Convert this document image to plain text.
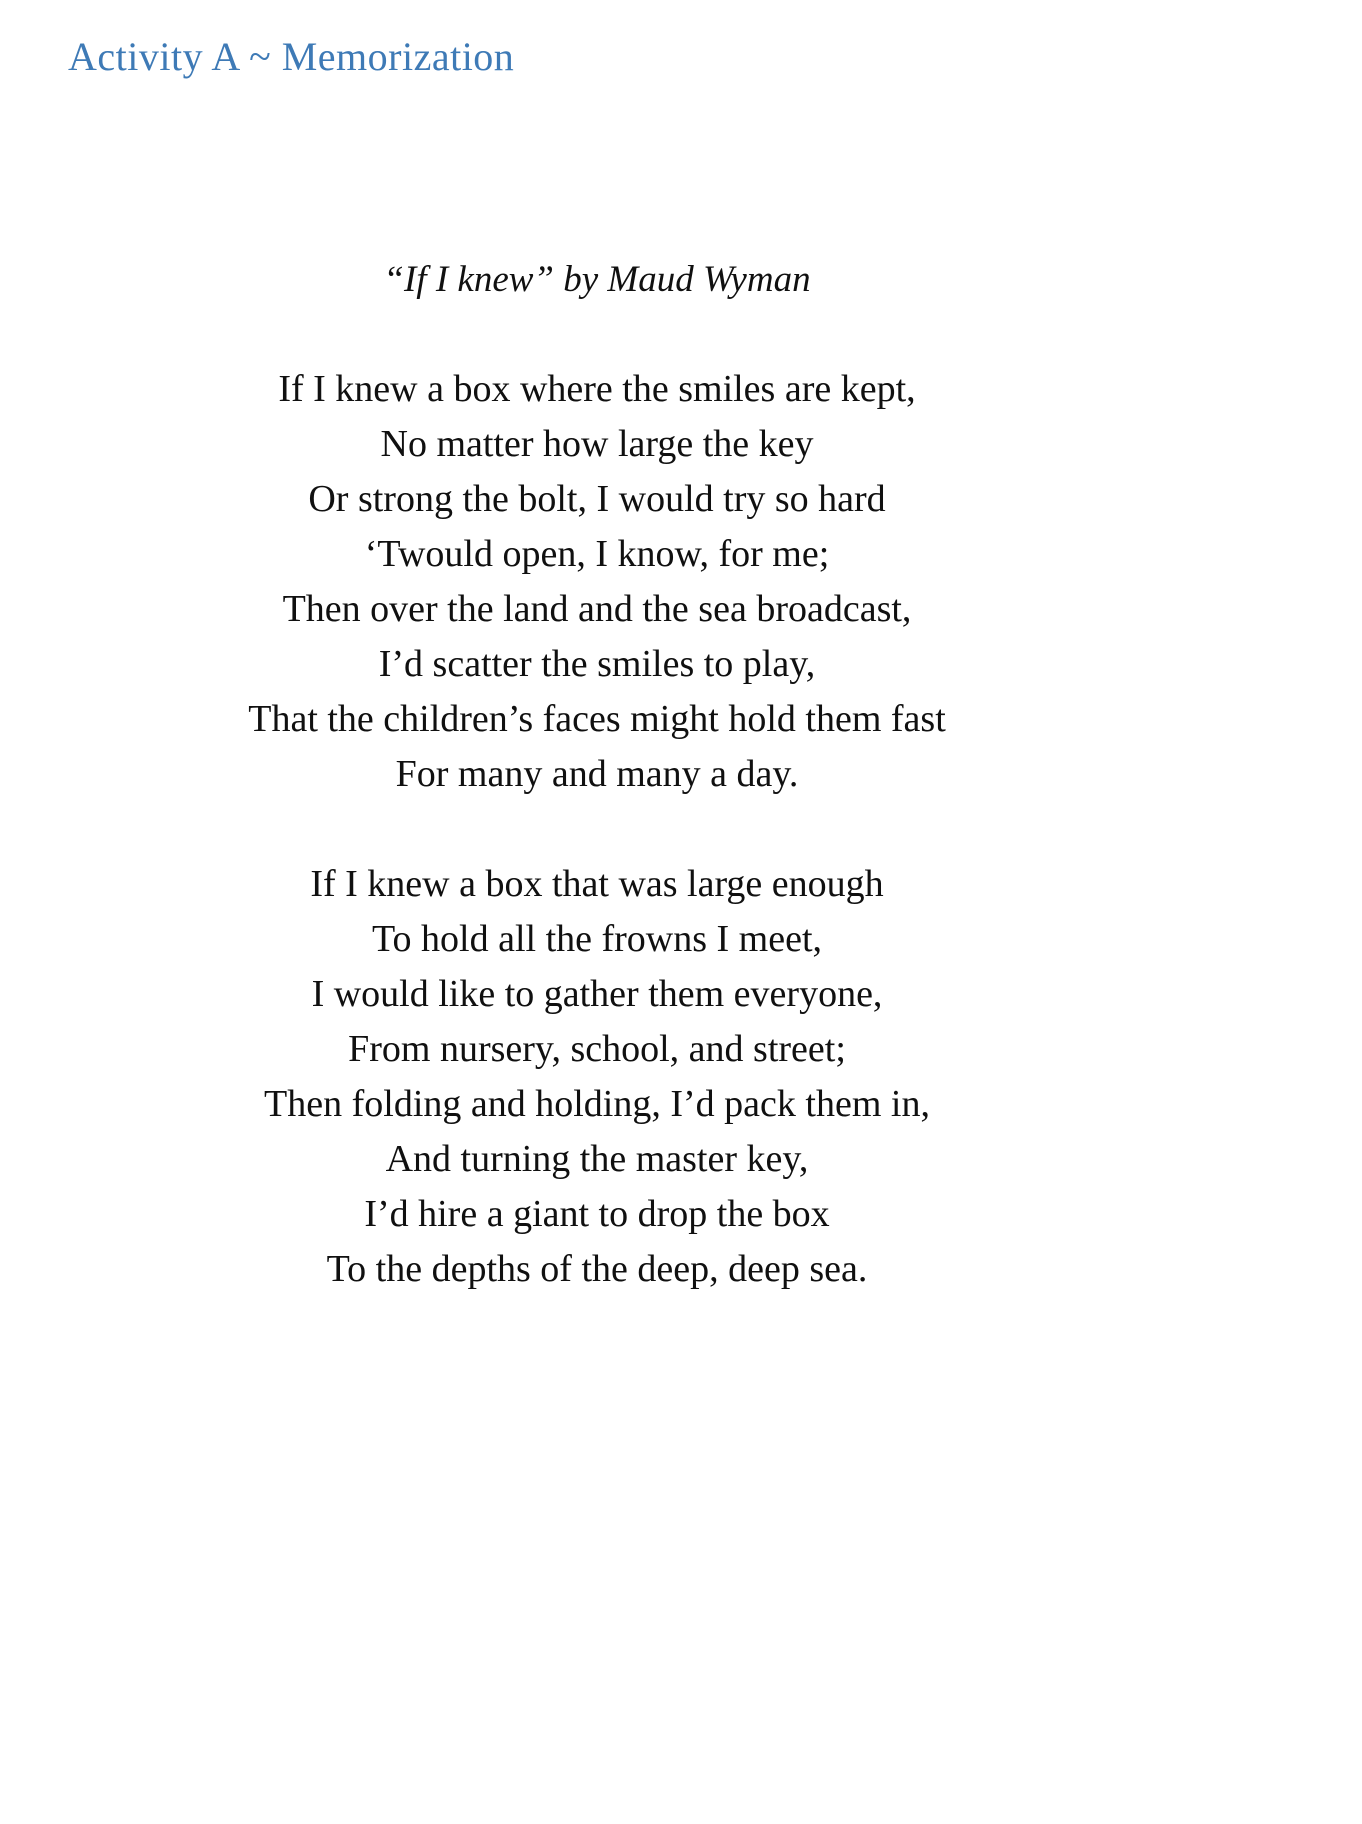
Activity A ~ Memorization
“If I knew” by Maud Wyman
If I knew a box where the smiles are kept,
No matter how large the key
Or strong the bolt, I would try so hard
‘Twould open, I know, for me;
Then over the land and the sea broadcast,
I’d scatter the smiles to play,
That the children’s faces might hold them fast
For many and many a day.
If I knew a box that was large enough
To hold all the frowns I meet,
I would like to gather them everyone,
From nursery, school, and street;
Then folding and holding, I’d pack them in,
And turning the master key,
I’d hire a giant to drop the box
To the depths of the deep, deep sea.
